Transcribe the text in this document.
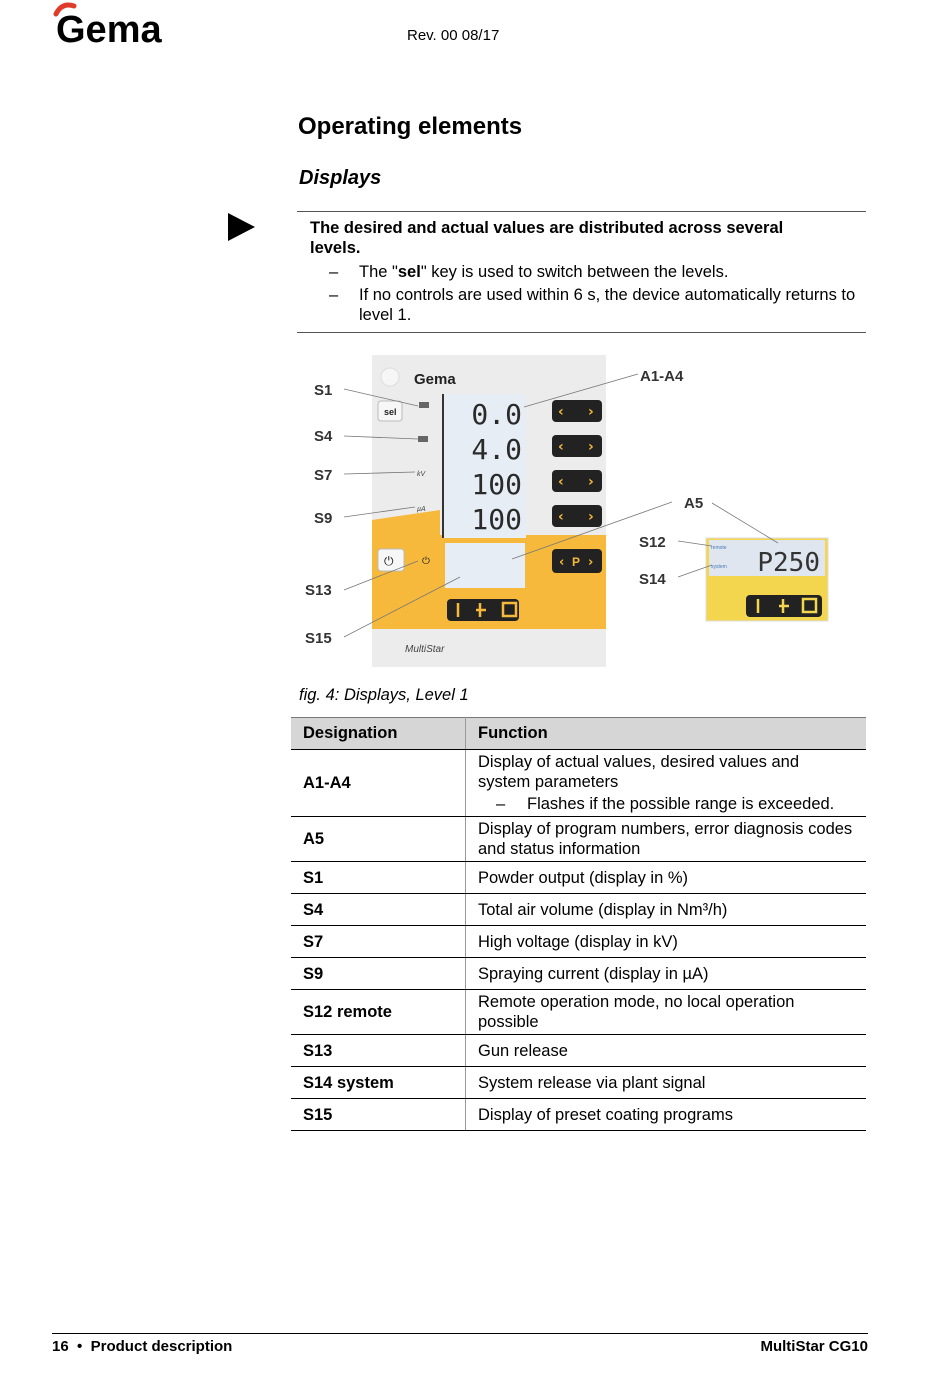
Gema	Rev. 00 08/17
Operating elements
Displays
The desired and actual values are distributed across several levels.
– The "sel" key is used to switch between the levels.
– If no controls are used within 6 s, the device automatically returns to level 1.
Gema
sel
kV
µA
0.0
4.0
100
100
‹ ›
‹ ›
‹ ›
‹ ›
‹ P ›
⏻	⏻
MultiStar
remote
system P250
S1
S4
S7
S9
S13
S15
A1-A4
A5
S12
S14
fig. 4: Displays, Level 1
Designation	Function
A1-A4	Display of actual values, desired values and system parameters
– Flashes if the possible range is exceeded.

A5	Display of program numbers, error diagnosis codes and status information
S1	Powder output (display in %)
S4	Total air volume (display in Nm³/h)
S7	High voltage (display in kV)
S9	Spraying current (display in µA)
S12 remote	Remote operation mode, no local operation possible
S13	Gun release
S14 system	System release via plant signal
S15	Display of preset coating programs
16 • Product description	MultiStar CG10
